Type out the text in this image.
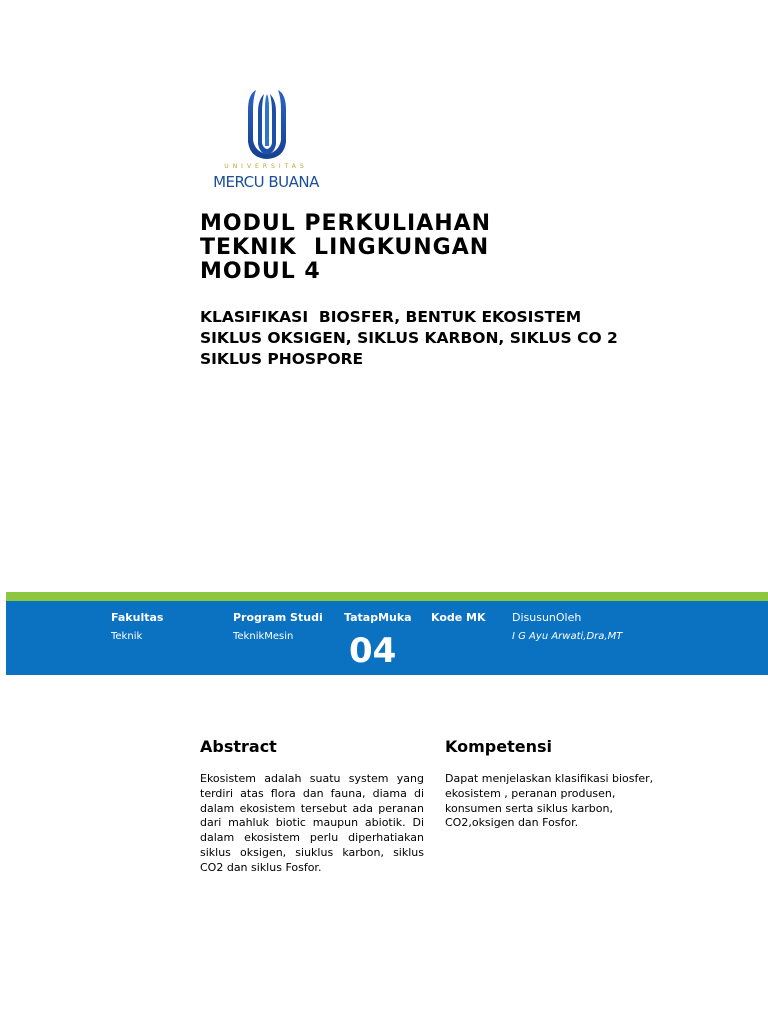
UNIVERSITAS
MERCU BUANA
MODUL PERKULIAHAN
TEKNIK  LINGKUNGAN
MODUL 4
KLASIFIKASI  BIOSFER, BENTUK EKOSISTEM
SIKLUS OKSIGEN, SIKLUS KARBON, SIKLUS CO 2
SIKLUS PHOSPORE
Fakultas
Teknik
Program Studi
TeknikMesin
TatapMuka
04
Kode MK DisusunOleh
I G Ayu Arwati,Dra,MT
Abstract
Ekosistem adalah suatu system yang terdiri atas flora dan fauna, diama di dalam ekosistem tersebut ada peranan dari mahluk biotic maupun abiotik. Di dalam ekosistem perlu diperhatiakan siklus oksigen, siuklus karbon, siklus CO2 dan siklus Fosfor.
Kompetensi
Dapat menjelaskan klasifikasi biosfer,
ekosistem , peranan produsen,
konsumen serta siklus karbon,
CO2,oksigen dan Fosfor.
